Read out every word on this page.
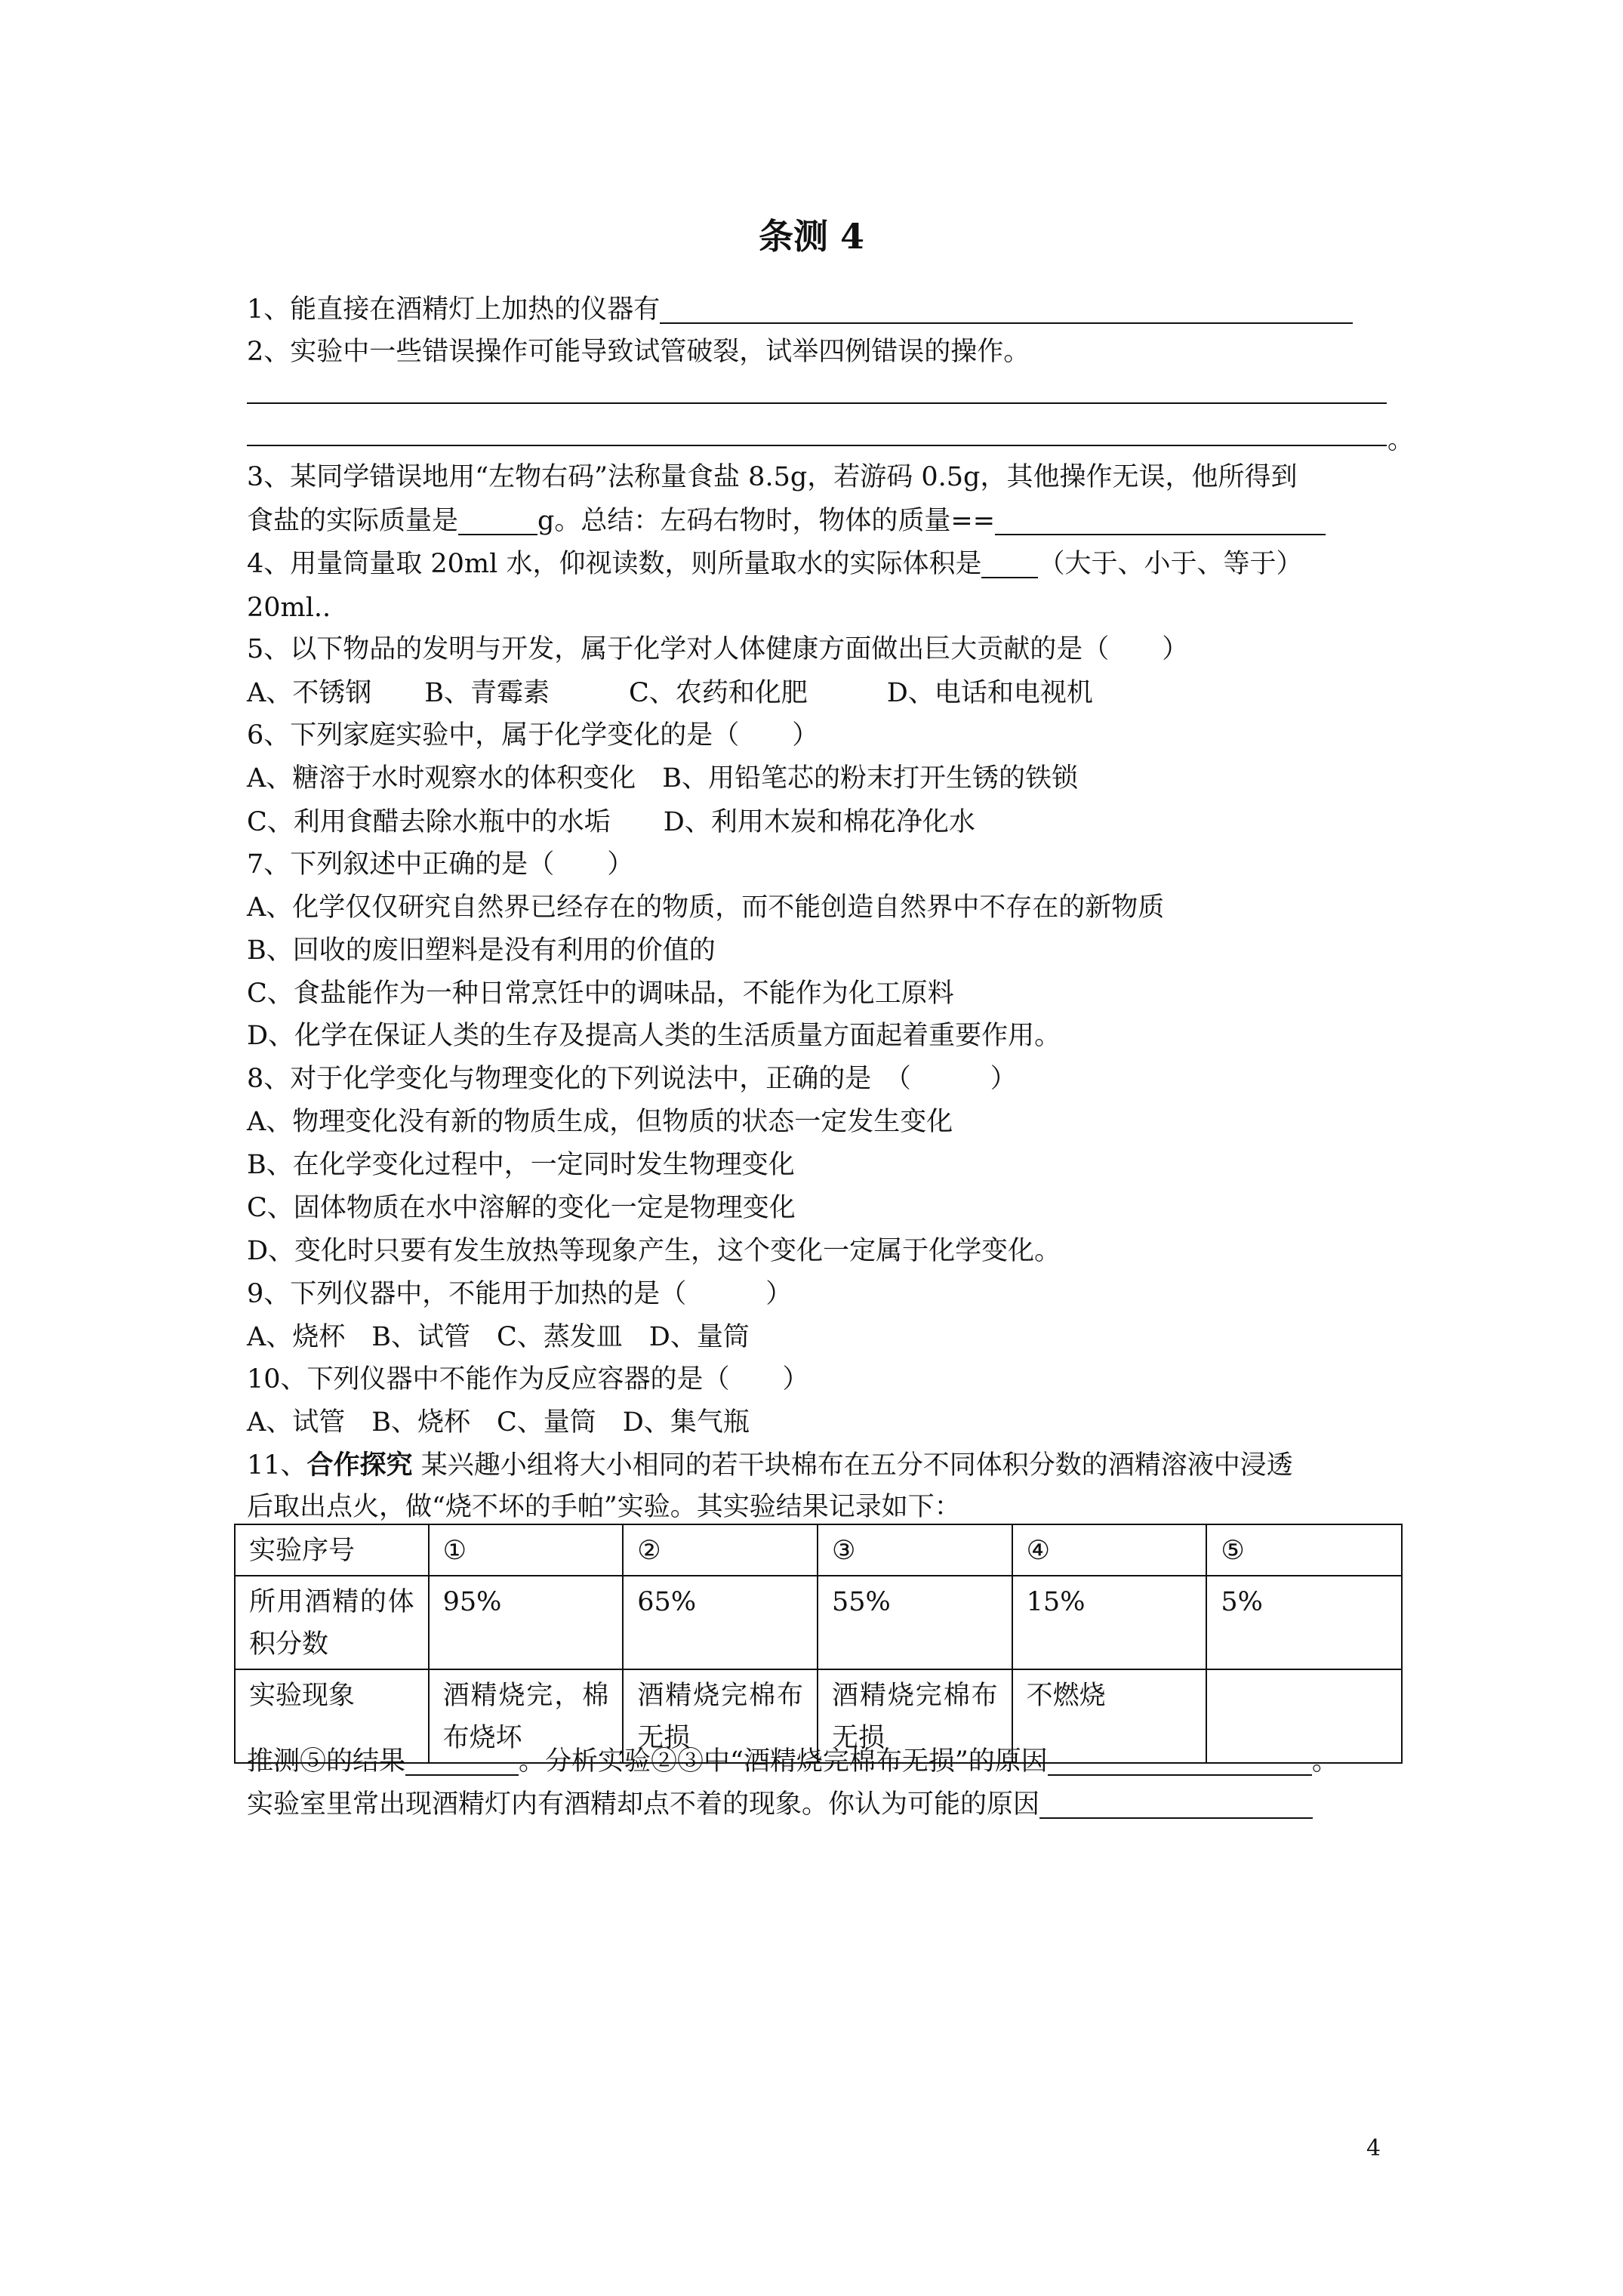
条测 4
1、能直接在酒精灯上加热的仪器有
2、实验中一些错误操作可能导致试管破裂，试举四例错误的操作。
。
3、某同学错误地用“左物右码”法称量食盐 8.5g，若游码 0.5g，其他操作无误，他所得到
食盐的实际质量是	g。总结：左码右物时，物体的质量==
4、用量筒量取 20ml 水，仰视读数，则所量取水的实际体积是 （大于、小于、等于）
20ml..
5、以下物品的发明与开发，属于化学对人体健康方面做出巨大贡献的是（　　）
A、不锈钢　　B、青霉素　　　C、农药和化肥　　　D、电话和电视机
6、下列家庭实验中，属于化学变化的是（　　）
A、糖溶于水时观察水的体积变化　B、用铅笔芯的粉末打开生锈的铁锁
C、利用食醋去除水瓶中的水垢　　D、利用木炭和棉花净化水
7、下列叙述中正确的是（　　）
A、化学仅仅研究自然界已经存在的物质，而不能创造自然界中不存在的新物质
B、回收的废旧塑料是没有利用的价值的
C、食盐能作为一种日常烹饪中的调味品，不能作为化工原料
D、化学在保证人类的生存及提高人类的生活质量方面起着重要作用。
8、对于化学变化与物理变化的下列说法中，正确的是　（　　　）
A、物理变化没有新的物质生成，但物质的状态一定发生变化
B、在化学变化过程中，一定同时发生物理变化
C、固体物质在水中溶解的变化一定是物理变化
D、变化时只要有发生放热等现象产生，这个变化一定属于化学变化。
9、下列仪器中，不能用于加热的是（　　　）
A、烧杯　B、试管　C、蒸发皿　D、量筒
10、下列仪器中不能作为反应容器的是（　　）
A、试管　B、烧杯　C、量筒　D、集气瓶
11、合作探究 某兴趣小组将大小相同的若干块棉布在五分不同体积分数的酒精溶液中浸透
后取出点火，做“烧不坏的手帕”实验。其实验结果记录如下：
实验序号	①	②	③	④	⑤
所用酒精的体积分数	95%	65%	55%	15%	5%
实验现象	酒精烧完，棉布烧坏	酒精烧完棉布无损	酒精烧完棉布无损	不燃烧	
推测⑤的结果	。分析实验②③中“酒精烧完棉布无损”的原因	。
实验室里常出现酒精灯内有酒精却点不着的现象。你认为可能的原因
4
